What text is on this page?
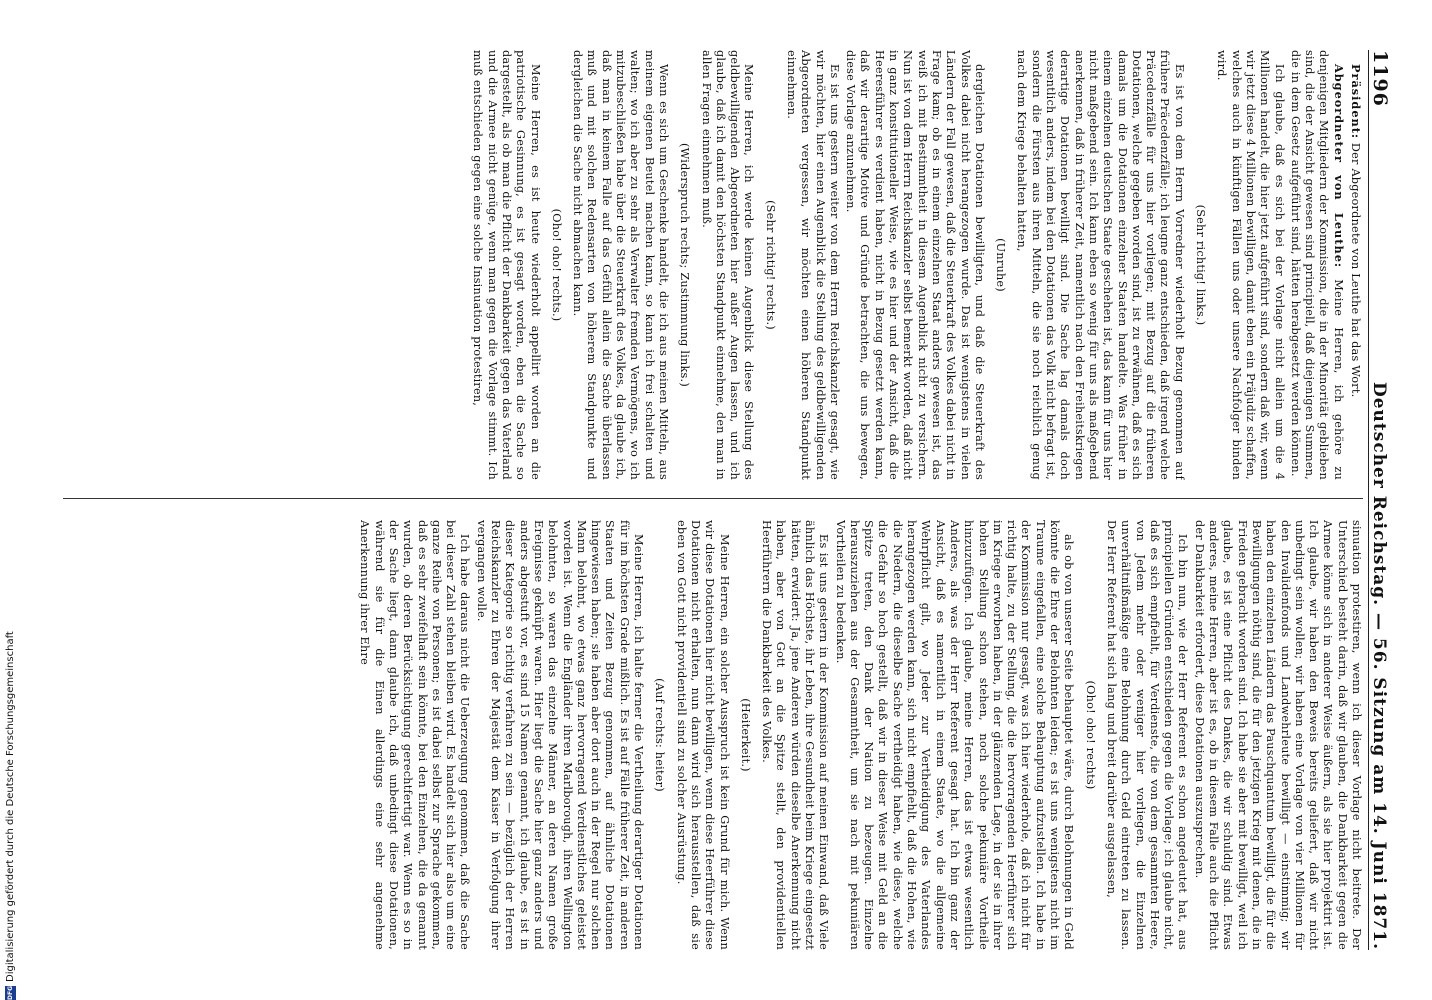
1196
Deutscher Reichstag. — 56. Sitzung am 14. Juni 1871.

Präsident: Der Abgeordnete von Leuthe hat das Wort.

Abgeordneter von Leuthe: Meine Herren, ich gehöre zu denjenigen Mitgliedern der Kommission, die in der Minorität geblieben sind, die der Ansicht gewesen sind principiell, daß diejenigen Summen, die in dem Gesetz aufgeführt sind, hätten herabgesetzt werden können.

Ich glaube, daß es sich bei der Vorlage nicht allein um die 4 Millionen handelt, die hier jetzt aufgeführt sind, sondern daß wir, wenn wir jetzt diese 4 Millionen bewilligen, damit eben ein Präjudiz schaffen, welches auch in künftigen Fällen uns oder unsere Nachfolger binden wird.

(Sehr richtig! links.)

Es ist von dem Herrn Vorredner wiederholt Bezug genommen auf frühere Präcedenzfälle; ich leugne ganz entschieden, daß irgend welche Präcedenzfälle für uns hier vorliegen; mit Bezug auf die früheren Dotationen, welche gegeben worden sind, ist zu erwähnen, daß es sich damals um die Dotationen einzelner Staaten handelte. Was früher in einem einzelnen deutschen Staate geschehen ist, das kann für uns hier nicht maßgebend sein. Ich kann eben so wenig für uns als maßgebend anerkennen, daß in früherer Zeit, namentlich nach den Freiheitskriegen derartige Dotationen bewilligt sind. Die Sache lag damals doch wesentlich anders, indem bei den Dotationen das Volk nicht befragt ist, sondern die Fürsten aus ihren Mitteln, die sie noch reichlich genug nach dem Kriege behalten hatten,

(Unruhe)

dergleichen Dotationen bewilligten, und daß die Steuerkraft des Volkes dabei nicht herangezogen wurde. Das ist wenigstens in vielen Ländern der Fall gewesen, daß die Steuerkraft des Volkes dabei nicht in Frage kam; ob es in einem einzelnen Staat anders gewesen ist, das weiß ich mit Bestimmtheit in diesem Augenblick nicht zu versichern. Nun ist von dem Herrn Reichskanzler selbst bemerkt worden, daß nicht in ganz konstitutioneller Weise, wie es hier und der Ansicht, daß die Heeresführer es verdient haben, nicht in Bezug gesetzt werden kann, daß wir derartige Motive und Gründe betrachten, die uns bewegen, diese Vorlage anzunehmen.

Es ist uns gestern weiter von dem Herrn Reichskanzler gesagt, wie wir möchten, hier einen Augenblick die Stellung des geldbewilligenden Abgeordneten vergessen, wir möchten einen höheren Standpunkt einnehmen.

(Sehr richtig! rechts.)

Meine Herren, ich werde keinen Augenblick diese Stellung des geldbewilligenden Abgeordneten hier außer Augen lassen, und ich glaube, daß ich damit den höchsten Standpunkt einnehme, den man in allen Fragen einnehmen muß.

(Widerspruch rechts; Zustimmung links.)

Wenn es sich um Geschenke handelt, die ich aus meinen Mitteln, aus meinem eigenen Beutel machen kann, so kann ich frei schalten und walten; wo ich aber zu sehr als Verwalter fremden Vermögens, wo ich mitzubeschließen habe über die Steuerkraft des Volkes, da glaube ich, daß man in keinem Falle auf das Gefühl allein die Sache überlassen muß und mit solchen Redensarten von höherem Standpunkte und dergleichen die Sache nicht abmachen kann.

(Oho! oho! rechts.)

Meine Herren, es ist heute wiederholt appellirt worden an die patriotische Gesinnung, es ist gesagt worden, eben die Sache so dargestellt, als ob man die Pflicht der Dankbarkeit gegen das Vaterland und die Armee nicht genüge, wenn man gegen die Vorlage stimmt. Ich muß entschieden gegen eine solche Insinuation protestiren,

sinuation protestiren, wenn ich dieser Vorlage nicht beitrete. Der Unterschied besteht darin, daß wir glauben, die Dankbarkeit gegen die Armee könne sich in anderer Weise äußern, als sie hier projektirt ist. Ich glaube, wir haben den Beweis bereits geliefert, daß wir nicht unbedingt sein wollen; wir haben eine Vorlage von vier Millionen für den Invalidenfonds und Landwehrleute bewilligt — einstimmig; wir haben den einzelnen Ländern das Pauschquantum bewilligt, die für die Bewilligungen nöthig sind, die für den jetzigen Krieg mit denen, die in Frieden gebracht worden sind. Ich habe sie aber mit bewilligt, weil ich glaube, es ist eine Pflicht des Dankes, die wir schuldig sind. Etwas anderes, meine Herren, aber ist es, ob in diesem Falle auch die Pflicht der Dankbarkeit erfordert, diese Dotationen auszusprechen.

Ich bin nun, wie der Herr Referent es schon angedeutet hat, aus principiellen Gründen entschieden gegen die Vorlage; ich glaube nicht, daß es sich empfiehlt, für Verdienste, die von dem gesammten Heere, von Jedem mehr oder weniger hier vorliegen, die Einzelnen unverhältnißmäßige eine Belohnung durch Geld eintreten zu lassen. Der Herr Referent hat sich lang und breit darüber ausgelassen,

(Oho! oho! rechts)

als ob von unserer Seite behauptet wäre, durch Belohnungen in Geld könnte die Ehre der Belohnten leiden; es ist uns wenigstens nicht im Traume eingefallen, eine solche Behauptung aufzustellen. Ich habe in der Kommission nur gesagt, was ich hier wiederhole, daß ich nicht für richtig halte, zu der Stellung, die die hervorragenden Heerführer sich im Kriege erworben haben, in der glänzenden Lage, in der sie in ihrer hohen Stellung schon stehen, noch solche pekuniäre Vortheile hinzuzufügen. Ich glaube, meine Herren, das ist etwas wesentlich Anderes, als was der Herr Referent gesagt hat. Ich bin ganz der Ansicht, daß es namentlich in einem Staate, wo die allgemeine Wehrpflicht gilt, wo Jeder zur Vertheidigung des Vaterlandes herangezogen werden kann, sich nicht empfiehlt, daß die Hohen, wie die Niedern, die dieselbe Sache vertheidigt haben, wie diese, welche die Gefahr so hoch gestellt, daß wir in dieser Weise mit Geld an die Spitze treten, den Dank der Nation zu bezeugen. Einzelne herauszuziehen aus der Gesammtheit, um sie nach mit pekuniären Vortheilen zu bedenken.

Es ist uns gestern in der Kommission auf meinen Einwand, daß Viele ähnlich das Höchste, ihr Leben, ihre Gesundheit beim Kriege eingesetzt hätten, erwidert: Ja, jene Anderen würden dieselbe Anerkennung nicht haben, aber von Gott an die Spitze stellt, den providentiellen Heerführern die Dankbarkeit des Volkes.

(Heiterkeit.)

Meine Herren, ein solcher Ausspruch ist kein Grund für mich. Wenn wir diese Dotationen hier nicht bewilligen, wenn diese Heerführer diese Dotationen nicht erhalten, nun dann wird sich herausstellen, daß sie eben von Gott nicht providentiell sind zu solcher Ausrüstung.

(Auf rechts: heiter)

Meine Herren, ich halte ferner die Vertheilung derartiger Dotationen für im höchsten Grade mißlich. Es ist auf Fälle früherer Zeit, in anderen Staaten und Zeiten Bezug genommen, auf ähnliche Dotationen hingewiesen haben; sie haben aber dort auch in der Regel nur solchen Mann belohnt, wo etwas ganz hervorragend Verdienstliches geleistet worden ist. Wenn die Engländer ihren Marlborough, ihren Wellington belohnten, so waren das einzelne Männer, an deren Namen große Ereignisse geknüpft waren. Hier liegt die Sache hier ganz anders und anders abgestuft vor, es sind 15 Namen genannt, ich glaube, es ist in dieser Kategorie so richtig verfahren zu sein — bezüglich der Herren Reichskanzler zu Ehren der Majestät dem Kaiser in Verfolgung ihrer vergangen wolle.

Ich habe daraus nicht die Ueberzeugung genommen, daß die Sache bei dieser Zahl stehen bleiben wird. Es handelt sich hier also um eine ganze Reihe von Personen; es ist dabei selbst zur Sprache gekommen, daß es sehr zweifelhaft sein könnte, bei den Einzelnen, die da genannt wurden, ob deren Berücksichtigung gerechtfertigt war. Wenn es so in der Sache liegt, dann glaube ich, daß unbedingt diese Dotationen, während sie für die Einen allerdings eine sehr angenehme Anerkennung ihrer Ehre

DFG
Digitalisierung gefördert durch die Deutsche Forschungsgemeinschaft
